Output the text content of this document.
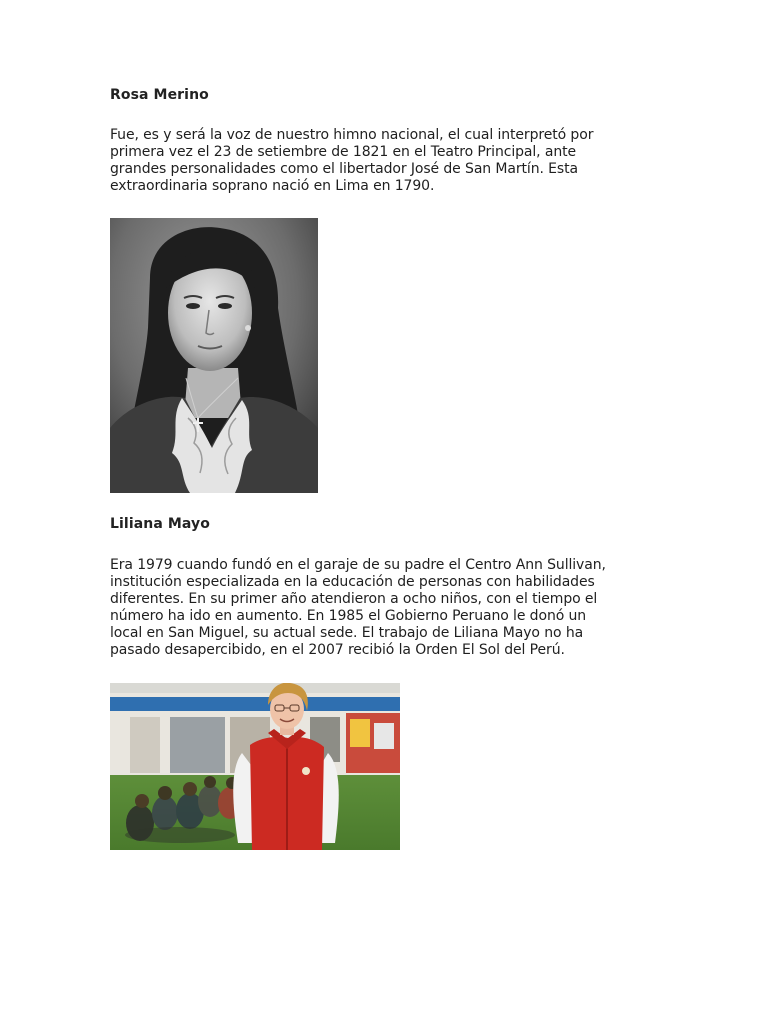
Rosa Merino

Fue, es y será la voz de nuestro himno nacional, el cual interpretó por
primera vez el 23 de setiembre de 1821 en el Teatro Principal, ante
grandes personalidades como el libertador José de San Martín. Esta
extraordinaria soprano nació en Lima en 1790.

Liliana Mayo

Era 1979 cuando fundó en el garaje de su padre el Centro Ann Sullivan,
institución especializada en la educación de personas con habilidades
diferentes. En su primer año atendieron a ocho niños, con el tiempo el
número ha ido en aumento. En 1985 el Gobierno Peruano le donó un
local en San Miguel, su actual sede. El trabajo de Liliana Mayo no ha
pasado desapercibido, en el 2007 recibió la Orden El Sol del Perú.
